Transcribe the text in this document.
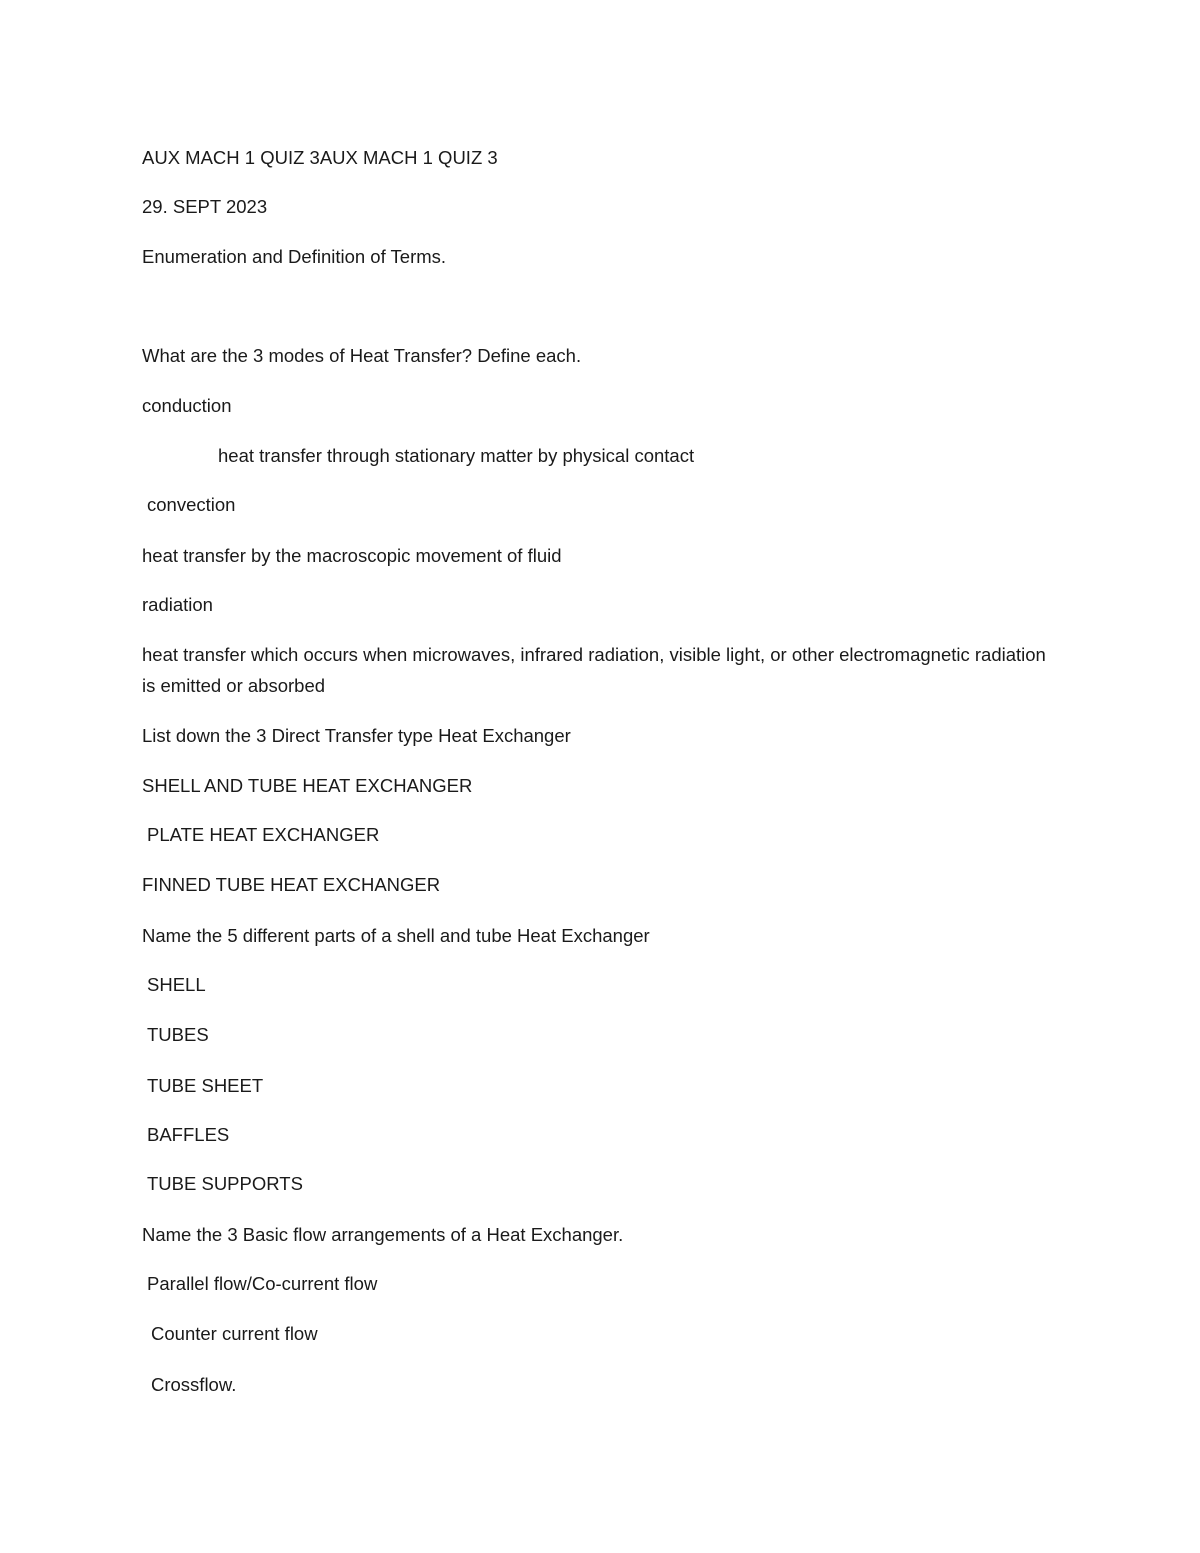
AUX MACH 1 QUIZ 3AUX MACH 1 QUIZ 3
29. SEPT 2023
Enumeration and Definition of Terms.
What are the 3 modes of Heat Transfer? Define each.
conduction
heat transfer through stationary matter by physical contact
convection
heat transfer by the macroscopic movement of fluid
radiation
heat transfer which occurs when microwaves, infrared radiation, visible light, or other electromagnetic radiation is emitted or absorbed
List down the 3 Direct Transfer type Heat Exchanger
SHELL AND TUBE HEAT EXCHANGER
PLATE HEAT EXCHANGER
FINNED TUBE HEAT EXCHANGER
Name the 5 different parts of a shell and tube Heat Exchanger
SHELL
TUBES
TUBE SHEET
BAFFLES
TUBE SUPPORTS
Name the 3 Basic flow arrangements of a Heat Exchanger.
Parallel flow/Co-current flow
Counter current flow
Crossflow.
